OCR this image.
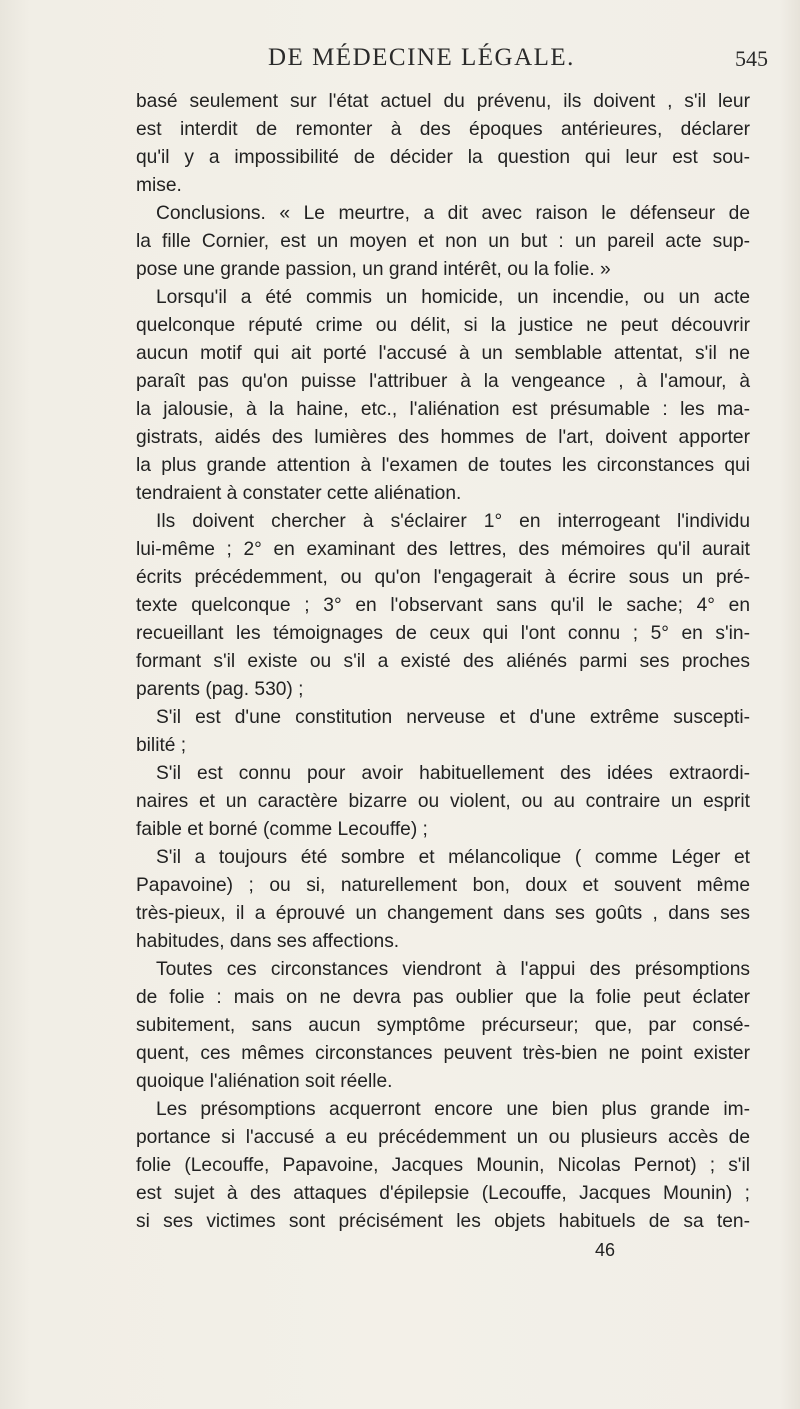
DE MÉDECINE LÉGALE.	545
basé seulement sur l'état actuel du prévenu, ils doivent , s'il leur
est interdit de remonter à des époques antérieures, déclarer
qu'il y a impossibilité de décider la question qui leur est sou-
mise.
Conclusions. « Le meurtre, a dit avec raison le défenseur de
la fille Cornier, est un moyen et non un but : un pareil acte sup-
pose une grande passion, un grand intérêt, ou la folie. »
Lorsqu'il a été commis un homicide, un incendie, ou un acte
quelconque réputé crime ou délit, si la justice ne peut découvrir
aucun motif qui ait porté l'accusé à un semblable attentat, s'il ne
paraît pas qu'on puisse l'attribuer à la vengeance , à l'amour, à
la jalousie, à la haine, etc., l'aliénation est présumable : les ma-
gistrats, aidés des lumières des hommes de l'art, doivent apporter
la plus grande attention à l'examen de toutes les circonstances qui
tendraient à constater cette aliénation.
Ils doivent chercher à s'éclairer 1° en interrogeant l'individu
lui-même ; 2° en examinant des lettres, des mémoires qu'il aurait
écrits précédemment, ou qu'on l'engagerait à écrire sous un pré-
texte quelconque ; 3° en l'observant sans qu'il le sache; 4° en
recueillant les témoignages de ceux qui l'ont connu ; 5° en s'in-
formant s'il existe ou s'il a existé des aliénés parmi ses proches
parents (pag. 530) ;
S'il est d'une constitution nerveuse et d'une extrême suscepti-
bilité ;
S'il est connu pour avoir habituellement des idées extraordi-
naires et un caractère bizarre ou violent, ou au contraire un esprit
faible et borné (comme Lecouffe) ;
S'il a toujours été sombre et mélancolique ( comme Léger et
Papavoine) ; ou si, naturellement bon, doux et souvent même
très-pieux, il a éprouvé un changement dans ses goûts , dans ses
habitudes, dans ses affections.
Toutes ces circonstances viendront à l'appui des présomptions
de folie : mais on ne devra pas oublier que la folie peut éclater
subitement, sans aucun symptôme précurseur; que, par consé-
quent, ces mêmes circonstances peuvent très-bien ne point exister
quoique l'aliénation soit réelle.
Les présomptions acquerront encore une bien plus grande im-
portance si l'accusé a eu précédemment un ou plusieurs accès de
folie (Lecouffe, Papavoine, Jacques Mounin, Nicolas Pernot) ; s'il
est sujet à des attaques d'épilepsie (Lecouffe, Jacques Mounin) ;
si ses victimes sont précisément les objets habituels de sa ten-
46
